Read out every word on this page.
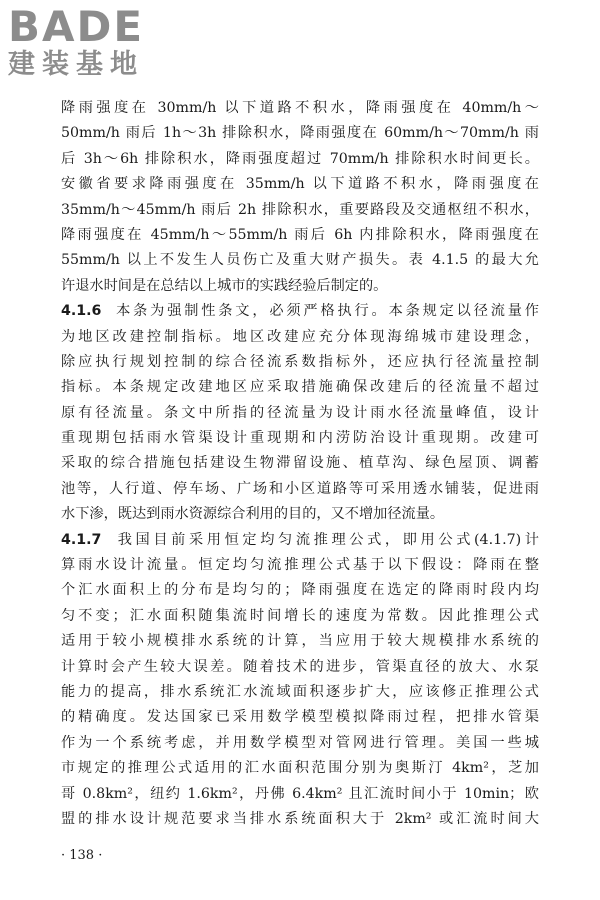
BADE
建装基地
降雨强度在 30mm/h 以下道路不积水，降雨强度在 40mm/h～
50mm/h 雨后 1h～3h 排除积水，降雨强度在 60mm/h～70mm/h 雨
后 3h～6h 排除积水，降雨强度超过 70mm/h 排除积水时间更长。
安徽省要求降雨强度在 35mm/h 以下道路不积水，降雨强度在
35mm/h～45mm/h 雨后 2h 排除积水，重要路段及交通枢纽不积水，
降雨强度在 45mm/h～55mm/h 雨后 6h 内排除积水，降雨强度在
55mm/h 以上不发生人员伤亡及重大财产损失。表 4.1.5 的最大允
许退水时间是在总结以上城市的实践经验后制定的。
4.1.6 本条为强制性条文，必须严格执行。本条规定以径流量作
为地区改建控制指标。地区改建应充分体现海绵城市建设理念，
除应执行规划控制的综合径流系数指标外，还应执行径流量控制
指标。本条规定改建地区应采取措施确保改建后的径流量不超过
原有径流量。条文中所指的径流量为设计雨水径流量峰值，设计
重现期包括雨水管渠设计重现期和内涝防治设计重现期。改建可
采取的综合措施包括建设生物滞留设施、植草沟、绿色屋顶、调蓄
池等，人行道、停车场、广场和小区道路等可采用透水铺装，促进雨
水下渗，既达到雨水资源综合利用的目的，又不增加径流量。
4.1.7 我国目前采用恒定均匀流推理公式，即用公式(4.1.7)计
算雨水设计流量。恒定均匀流推理公式基于以下假设：降雨在整
个汇水面积上的分布是均匀的；降雨强度在选定的降雨时段内均
匀不变；汇水面积随集流时间增长的速度为常数。因此推理公式
适用于较小规模排水系统的计算，当应用于较大规模排水系统的
计算时会产生较大误差。随着技术的进步，管渠直径的放大、水泵
能力的提高，排水系统汇水流域面积逐步扩大，应该修正推理公式
的精确度。发达国家已采用数学模型模拟降雨过程，把排水管渠
作为一个系统考虑，并用数学模型对管网进行管理。美国一些城
市规定的推理公式适用的汇水面积范围分别为奥斯汀 4km²，芝加
哥 0.8km²，纽约 1.6km²，丹佛 6.4km² 且汇流时间小于 10min；欧
盟的排水设计规范要求当排水系统面积大于 2km² 或汇流时间大
· 138 ·
